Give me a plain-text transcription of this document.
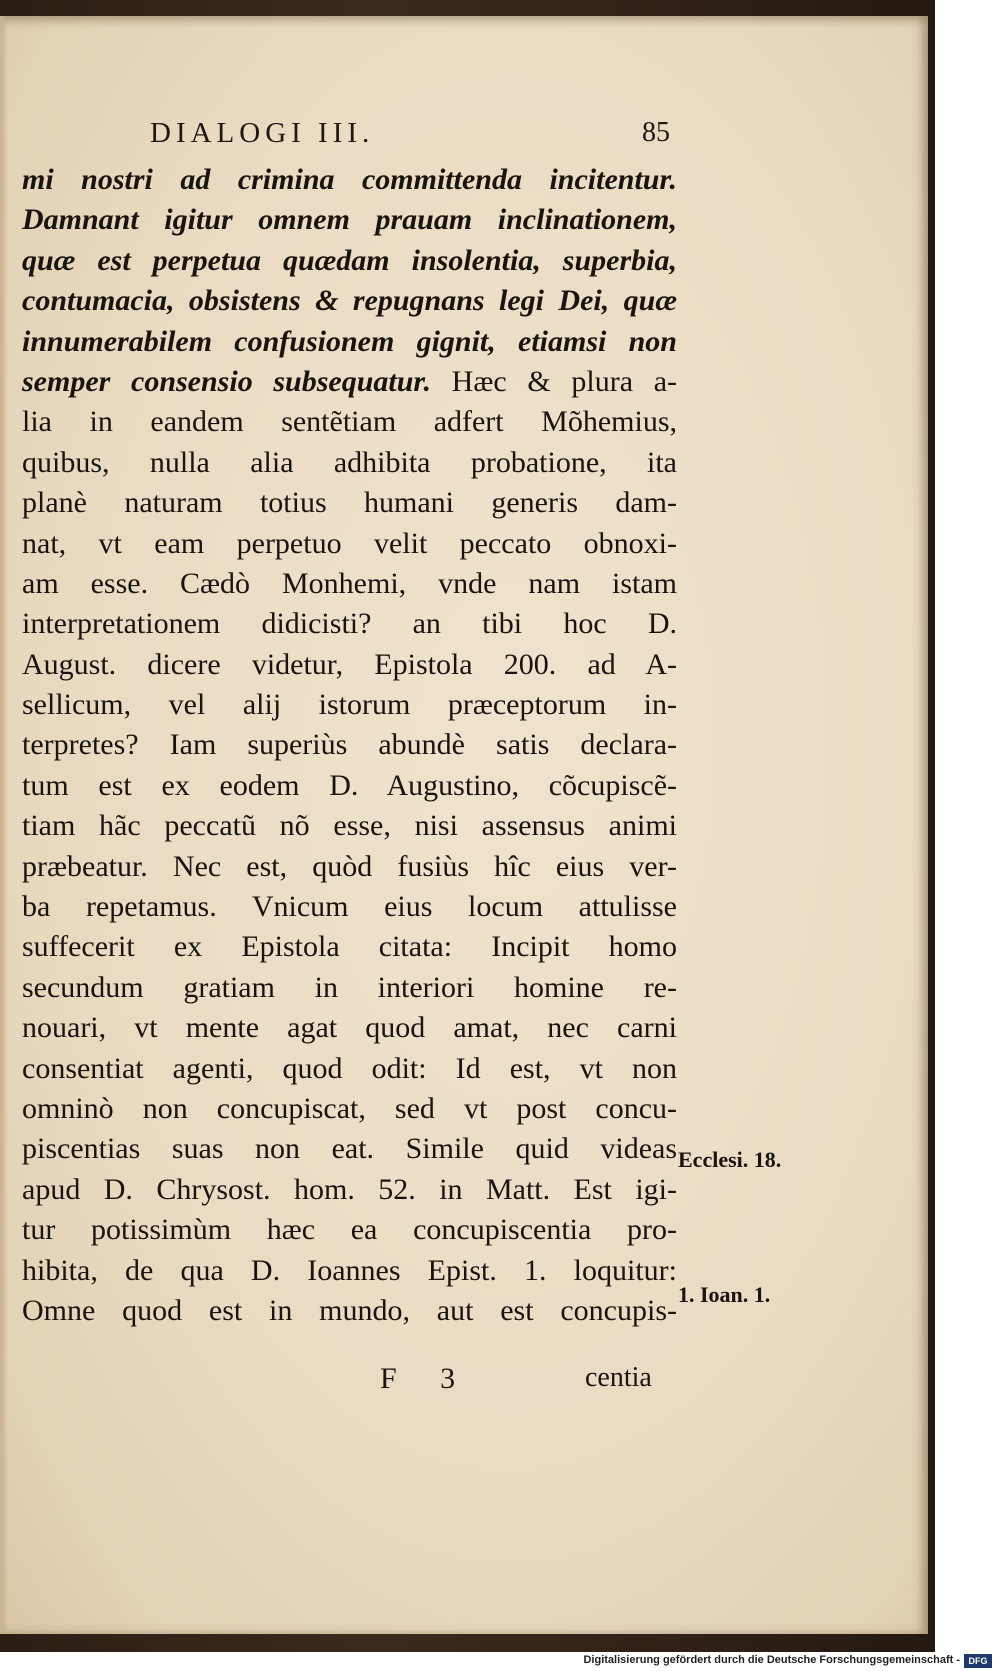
DIALOGI III.	85
mi nostri ad crimina committenda incitentur.
Damnant igitur omnem prauam inclinationem,
quæ est perpetua quædam insolentia, superbia,
contumacia, obsistens & repugnans legi Dei, quæ
innumerabilem confusionem gignit, etiamsi non
semper consensio subsequatur. Hæc & plura a-
lia in eandem sentẽtiam adfert Mõhemius,
quibus, nulla alia adhibita probatione, ita
planè naturam totius humani generis dam-
nat, vt eam perpetuo velit peccato obnoxi-
am esse. Cædò Monhemi, vnde nam istam
interpretationem didicisti? an tibi hoc D.
August. dicere videtur, Epistola 200. ad A-
sellicum, vel alij istorum præceptorum in-
terpretes? Iam superiùs abundè satis declara-
tum est ex eodem D. Augustino, cõcupiscẽ-
tiam hãc peccatũ nõ esse, nisi assensus animi
præbeatur. Nec est, quòd fusiùs hîc eius ver-
ba repetamus. Vnicum eius locum attulisse
suffecerit ex Epistola citata: Incipit homo
secundum gratiam in interiori homine re-
nouari, vt mente agat quod amat, nec carni
consentiat agenti, quod odit: Id est, vt non
omninò non concupiscat, sed vt post concu-
piscentias suas non eat. Simile quid videas
apud D. Chrysost. hom. 52. in Matt. Est igi-
tur potissimùm hæc ea concupiscentia pro-
hibita, de qua D. Ioannes Epist. 1. loquitur:
Omne quod est in mundo, aut est concupis-
Ecclesi. 18.
1. Ioan. 1.
F 3	centia
Digitalisierung gefördert durch die Deutsche Forschungsgemeinschaft - DFG
